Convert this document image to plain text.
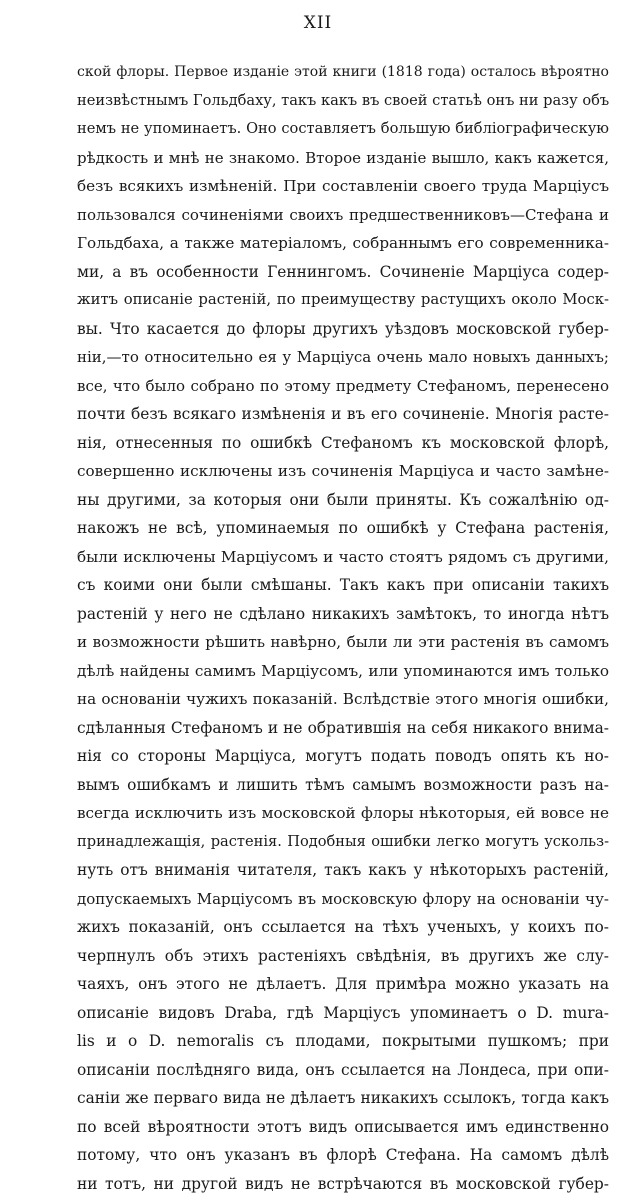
XII
ской флоры. Первое изданіе этой книги (1818 года) осталось вѣроятно
неизвѣстнымъ Гольдбаху, такъ какъ въ своей статьѣ онъ ни разу объ
немъ не упоминаетъ. Оно составляетъ большую библіографическую
рѣдкость и мнѣ не знакомо. Второе изданіе вышло, какъ кажется,
безъ всякихъ измѣненій. При составленіи своего труда Марціусъ
пользовался сочиненіями своихъ предшественниковъ—Стефана и
Гольдбаха, а также матеріаломъ, собраннымъ его современника-
ми, а въ особенности Геннингомъ. Сочиненіе Марціуса содер-
житъ описаніе растеній, по преимуществу растущихъ около Моск-
вы. Что касается до флоры другихъ уѣздовъ московской губер-
ніи,—то относительно ея у Марціуса очень мало новыхъ данныхъ;
все, что было собрано по этому предмету Стефаномъ, перенесено
почти безъ всякаго измѣненія и въ его сочиненіе. Многія расте-
нія, отнесенныя по ошибкѣ Стефаномъ къ московской флорѣ,
совершенно исключены изъ сочиненія Марціуса и часто замѣне-
ны другими, за которыя они были приняты. Къ сожалѣнію од-
накожъ не всѣ, упоминаемыя по ошибкѣ у Стефана растенія,
были исключены Марціусомъ и часто стоятъ рядомъ съ другими,
съ коими они были смѣшаны. Такъ какъ при описаніи такихъ
растеній у него не сдѣлано никакихъ замѣтокъ, то иногда нѣтъ
и возможности рѣшить навѣрно, были ли эти растенія въ самомъ
дѣлѣ найдены самимъ Марціусомъ, или упоминаются имъ только
на основаніи чужихъ показаній. Вслѣдствіе этого многія ошибки,
сдѣланныя Стефаномъ и не обратившія на себя никакого внима-
нія со стороны Марціуса, могутъ подать поводъ опять къ но-
вымъ ошибкамъ и лишить тѣмъ самымъ возможности разъ на-
всегда исключить изъ московской флоры нѣкоторыя, ей вовсе не
принадлежащія, растенія. Подобныя ошибки легко могутъ ускольз-
нуть отъ вниманія читателя, такъ какъ у нѣкоторыхъ растеній,
допускаемыхъ Марціусомъ въ московскую флору на основаніи чу-
жихъ показаній, онъ ссылается на тѣхъ ученыхъ, у коихъ по-
черпнулъ объ этихъ растеніяхъ свѣдѣнія, въ другихъ же слу-
чаяхъ, онъ этого не дѣлаетъ. Для примѣра можно указать на
описаніе видовъ Draba, гдѣ Марціусъ упоминаетъ о D. mura-
lis и о D. nemoralis съ плодами, покрытыми пушкомъ; при
описаніи послѣдняго вида, онъ ссылается на Лондеса, при опи-
саніи же перваго вида не дѣлаетъ никакихъ ссылокъ, тогда какъ
по всей вѣроятности этотъ видъ описывается имъ единственно
потому, что онъ указанъ въ флорѣ Стефана. На самомъ дѣлѣ
ни тотъ, ни другой видъ не встрѣчаются въ московской губер-
